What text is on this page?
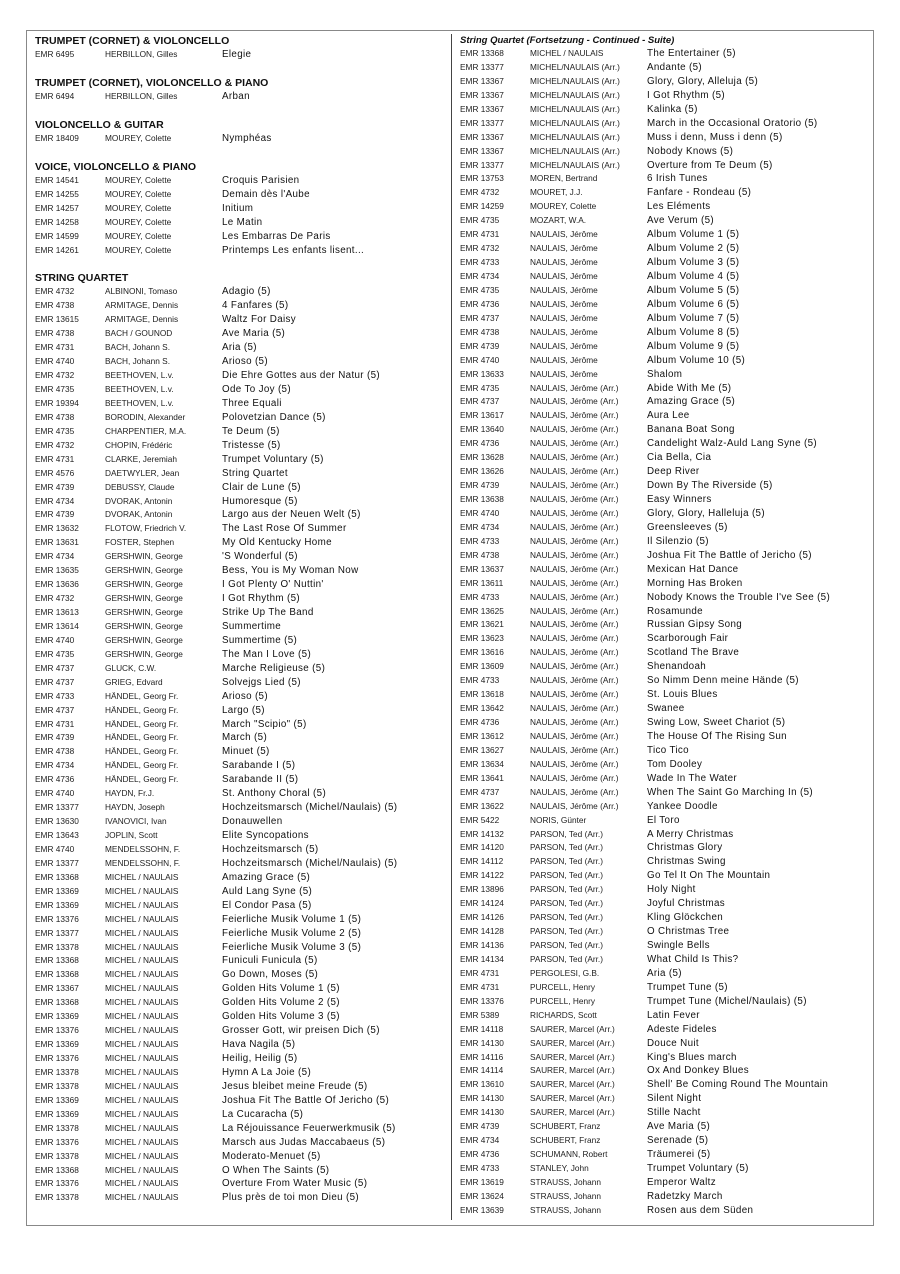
TRUMPET (CORNET) & VIOLONCELLO
EMR 6495	HERBILLON, Gilles	Elegie
TRUMPET (CORNET), VIOLONCELLO & PIANO
EMR 6494	HERBILLON, Gilles	Arban
VIOLONCELLO & GUITAR
EMR 18409	MOUREY, Colette	Nymphéas
VOICE, VIOLONCELLO & PIANO
EMR 14541	MOUREY, Colette	Croquis Parisien
EMR 14255	MOUREY, Colette	Demain dès l'Aube
EMR 14257	MOUREY, Colette	Initium
EMR 14258	MOUREY, Colette	Le Matin
EMR 14599	MOUREY, Colette	Les Embarras De Paris
EMR 14261	MOUREY, Colette	Printemps Les enfants lisent...
STRING QUARTET
EMR 4732	ALBINONI, Tomaso	Adagio (5)
EMR 4738	ARMITAGE, Dennis	4 Fanfares (5)
EMR 13615	ARMITAGE, Dennis	Waltz For Daisy
EMR 4738	BACH / GOUNOD	Ave Maria (5)
EMR 4731	BACH, Johann S.	Aria (5)
EMR 4740	BACH, Johann S.	Arioso (5)
EMR 4732	BEETHOVEN, L.v.	Die Ehre Gottes aus der Natur (5)
EMR 4735	BEETHOVEN, L.v.	Ode To Joy (5)
EMR 19394	BEETHOVEN, L.v.	Three Equali
EMR 4738	BORODIN, Alexander	Polovetzian Dance (5)
EMR 4735	CHARPENTIER, M.A.	Te Deum (5)
EMR 4732	CHOPIN, Frédéric	Tristesse (5)
EMR 4731	CLARKE, Jeremiah	Trumpet Voluntary (5)
EMR 4576	DAETWYLER, Jean	String Quartet
EMR 4739	DEBUSSY, Claude	Clair de Lune (5)
EMR 4734	DVORAK, Antonin	Humoresque (5)
EMR 4739	DVORAK, Antonin	Largo aus der Neuen Welt (5)
EMR 13632	FLOTOW, Friedrich V.	The Last Rose Of Summer
EMR 13631	FOSTER, Stephen	My Old Kentucky Home
EMR 4734	GERSHWIN, George	'S Wonderful (5)
EMR 13635	GERSHWIN, George	Bess, You is My Woman Now
EMR 13636	GERSHWIN, George	I Got Plenty O' Nuttin'
EMR 4732	GERSHWIN, George	I Got Rhythm (5)
EMR 13613	GERSHWIN, George	Strike Up The Band
EMR 13614	GERSHWIN, George	Summertime
EMR 4740	GERSHWIN, George	Summertime (5)
EMR 4735	GERSHWIN, George	The Man I Love (5)
EMR 4737	GLUCK, C.W.	Marche Religieuse (5)
EMR 4737	GRIEG, Edvard	Solvejgs Lied (5)
EMR 4733	HÄNDEL, Georg Fr.	Arioso (5)
EMR 4737	HÄNDEL, Georg Fr.	Largo (5)
EMR 4731	HÄNDEL, Georg Fr.	March "Scipio" (5)
EMR 4739	HÄNDEL, Georg Fr.	March (5)
EMR 4738	HÄNDEL, Georg Fr.	Minuet (5)
EMR 4734	HÄNDEL, Georg Fr.	Sarabande I (5)
EMR 4736	HÄNDEL, Georg Fr.	Sarabande II (5)
EMR 4740	HAYDN, Fr.J.	St. Anthony Choral (5)
EMR 13377	HAYDN, Joseph	Hochzeitsmarsch (Michel/Naulais) (5)
EMR 13630	IVANOVICI, Ivan	Donauwellen
EMR 13643	JOPLIN, Scott	Elite Syncopations
EMR 4740	MENDELSSOHN, F.	Hochzeitsmarsch (5)
EMR 13377	MENDELSSOHN, F.	Hochzeitsmarsch (Michel/Naulais) (5)
EMR 13368	MICHEL / NAULAIS	Amazing Grace (5)
EMR 13369	MICHEL / NAULAIS	Auld Lang Syne (5)
EMR 13369	MICHEL / NAULAIS	El Condor Pasa (5)
EMR 13376	MICHEL / NAULAIS	Feierliche Musik Volume 1 (5)
EMR 13377	MICHEL / NAULAIS	Feierliche Musik Volume 2 (5)
EMR 13378	MICHEL / NAULAIS	Feierliche Musik Volume 3 (5)
EMR 13368	MICHEL / NAULAIS	Funiculi Funicula (5)
EMR 13368	MICHEL / NAULAIS	Go Down, Moses (5)
EMR 13367	MICHEL / NAULAIS	Golden Hits Volume 1 (5)
EMR 13368	MICHEL / NAULAIS	Golden Hits Volume 2 (5)
EMR 13369	MICHEL / NAULAIS	Golden Hits Volume 3 (5)
EMR 13376	MICHEL / NAULAIS	Grosser Gott, wir preisen Dich (5)
EMR 13369	MICHEL / NAULAIS	Hava Nagila (5)
EMR 13376	MICHEL / NAULAIS	Heilig, Heilig (5)
EMR 13378	MICHEL / NAULAIS	Hymn A La Joie (5)
EMR 13378	MICHEL / NAULAIS	Jesus bleibet meine Freude (5)
EMR 13369	MICHEL / NAULAIS	Joshua Fit The Battle Of Jericho (5)
EMR 13369	MICHEL / NAULAIS	La Cucaracha (5)
EMR 13378	MICHEL / NAULAIS	La Réjouissance Feuerwerkmusik (5)
EMR 13376	MICHEL / NAULAIS	Marsch aus Judas Maccabaeus (5)
EMR 13378	MICHEL / NAULAIS	Moderato-Menuet (5)
EMR 13368	MICHEL / NAULAIS	O When The Saints (5)
EMR 13376	MICHEL / NAULAIS	Overture From Water Music (5)
EMR 13378	MICHEL / NAULAIS	Plus près de toi mon Dieu (5)
String Quartet (Fortsetzung - Continued - Suite)
EMR 13368	MICHEL / NAULAIS	The Entertainer (5)
EMR 13377	MICHEL/NAULAIS (Arr.)	Andante (5)
EMR 13367	MICHEL/NAULAIS (Arr.)	Glory, Glory, Alleluja (5)
EMR 13367	MICHEL/NAULAIS (Arr.)	I Got Rhythm (5)
EMR 13367	MICHEL/NAULAIS (Arr.)	Kalinka (5)
EMR 13377	MICHEL/NAULAIS (Arr.)	March in the Occasional Oratorio (5)
EMR 13367	MICHEL/NAULAIS (Arr.)	Muss i denn, Muss i denn (5)
EMR 13367	MICHEL/NAULAIS (Arr.)	Nobody Knows (5)
EMR 13377	MICHEL/NAULAIS (Arr.)	Overture from Te Deum (5)
EMR 13753	MOREN, Bertrand	6 Irish Tunes
EMR 4732	MOURET, J.J.	Fanfare - Rondeau (5)
EMR 14259	MOUREY, Colette	Les Eléments
EMR 4735	MOZART, W.A.	Ave Verum (5)
EMR 4731	NAULAIS, Jérôme	Album Volume 1 (5)
EMR 4732	NAULAIS, Jérôme	Album Volume 2 (5)
EMR 4733	NAULAIS, Jérôme	Album Volume 3 (5)
EMR 4734	NAULAIS, Jérôme	Album Volume 4 (5)
EMR 4735	NAULAIS, Jérôme	Album Volume 5 (5)
EMR 4736	NAULAIS, Jérôme	Album Volume 6 (5)
EMR 4737	NAULAIS, Jérôme	Album Volume 7 (5)
EMR 4738	NAULAIS, Jérôme	Album Volume 8 (5)
EMR 4739	NAULAIS, Jérôme	Album Volume 9 (5)
EMR 4740	NAULAIS, Jérôme	Album Volume 10 (5)
EMR 13633	NAULAIS, Jérôme	Shalom
EMR 4735	NAULAIS, Jérôme (Arr.)	Abide With Me (5)
EMR 4737	NAULAIS, Jérôme (Arr.)	Amazing Grace (5)
EMR 13617	NAULAIS, Jérôme (Arr.)	Aura Lee
EMR 13640	NAULAIS, Jérôme (Arr.)	Banana Boat Song
EMR 4736	NAULAIS, Jérôme (Arr.)	Candelight Walz-Auld Lang Syne (5)
EMR 13628	NAULAIS, Jérôme (Arr.)	Cia Bella, Cia
EMR 13626	NAULAIS, Jérôme (Arr.)	Deep River
EMR 4739	NAULAIS, Jérôme (Arr.)	Down By The Riverside (5)
EMR 13638	NAULAIS, Jérôme (Arr.)	Easy Winners
EMR 4740	NAULAIS, Jérôme (Arr.)	Glory, Glory, Halleluja (5)
EMR 4734	NAULAIS, Jérôme (Arr.)	Greensleeves (5)
EMR 4733	NAULAIS, Jérôme (Arr.)	Il Silenzio (5)
EMR 4738	NAULAIS, Jérôme (Arr.)	Joshua Fit The Battle of Jericho (5)
EMR 13637	NAULAIS, Jérôme (Arr.)	Mexican Hat Dance
EMR 13611	NAULAIS, Jérôme (Arr.)	Morning Has Broken
EMR 4733	NAULAIS, Jérôme (Arr.)	Nobody Knows the Trouble I've See (5)
EMR 13625	NAULAIS, Jérôme (Arr.)	Rosamunde
EMR 13621	NAULAIS, Jérôme (Arr.)	Russian Gipsy Song
EMR 13623	NAULAIS, Jérôme (Arr.)	Scarborough Fair
EMR 13616	NAULAIS, Jérôme (Arr.)	Scotland The Brave
EMR 13609	NAULAIS, Jérôme (Arr.)	Shenandoah
EMR 4733	NAULAIS, Jérôme (Arr.)	So Nimm Denn meine Hände (5)
EMR 13618	NAULAIS, Jérôme (Arr.)	St. Louis Blues
EMR 13642	NAULAIS, Jérôme (Arr.)	Swanee
EMR 4736	NAULAIS, Jérôme (Arr.)	Swing Low, Sweet Chariot (5)
EMR 13612	NAULAIS, Jérôme (Arr.)	The House Of The Rising Sun
EMR 13627	NAULAIS, Jérôme (Arr.)	Tico Tico
EMR 13634	NAULAIS, Jérôme (Arr.)	Tom Dooley
EMR 13641	NAULAIS, Jérôme (Arr.)	Wade In The Water
EMR 4737	NAULAIS, Jérôme (Arr.)	When The Saint Go Marching In (5)
EMR 13622	NAULAIS, Jérôme (Arr.)	Yankee Doodle
EMR 5422	NORIS, Günter	El Toro
EMR 14132	PARSON, Ted (Arr.)	A Merry Christmas
EMR 14120	PARSON, Ted (Arr.)	Christmas Glory
EMR 14112	PARSON, Ted (Arr.)	Christmas Swing
EMR 14122	PARSON, Ted (Arr.)	Go Tel It On The Mountain
EMR 13896	PARSON, Ted (Arr.)	Holy Night
EMR 14124	PARSON, Ted (Arr.)	Joyful Christmas
EMR 14126	PARSON, Ted (Arr.)	Kling Glöckchen
EMR 14128	PARSON, Ted (Arr.)	O Christmas Tree
EMR 14136	PARSON, Ted (Arr.)	Swingle Bells
EMR 14134	PARSON, Ted (Arr.)	What Child Is This?
EMR 4731	PERGOLESI, G.B.	Aria (5)
EMR 4731	PURCELL, Henry	Trumpet Tune (5)
EMR 13376	PURCELL, Henry	Trumpet Tune (Michel/Naulais) (5)
EMR 5389	RICHARDS, Scott	Latin Fever
EMR 14118	SAURER, Marcel (Arr.)	Adeste Fideles
EMR 14130	SAURER, Marcel (Arr.)	Douce Nuit
EMR 14116	SAURER, Marcel (Arr.)	King's Blues march
EMR 14114	SAURER, Marcel (Arr.)	Ox And Donkey Blues
EMR 13610	SAURER, Marcel (Arr.)	Shell' Be Coming Round The Mountain
EMR 14130	SAURER, Marcel (Arr.)	Silent Night
EMR 14130	SAURER, Marcel (Arr.)	Stille Nacht
EMR 4739	SCHUBERT, Franz	Ave Maria (5)
EMR 4734	SCHUBERT, Franz	Serenade (5)
EMR 4736	SCHUMANN, Robert	Träumerei (5)
EMR 4733	STANLEY, John	Trumpet Voluntary (5)
EMR 13619	STRAUSS, Johann	Emperor Waltz
EMR 13624	STRAUSS, Johann	Radetzky March
EMR 13639	STRAUSS, Johann	Rosen aus dem Süden
